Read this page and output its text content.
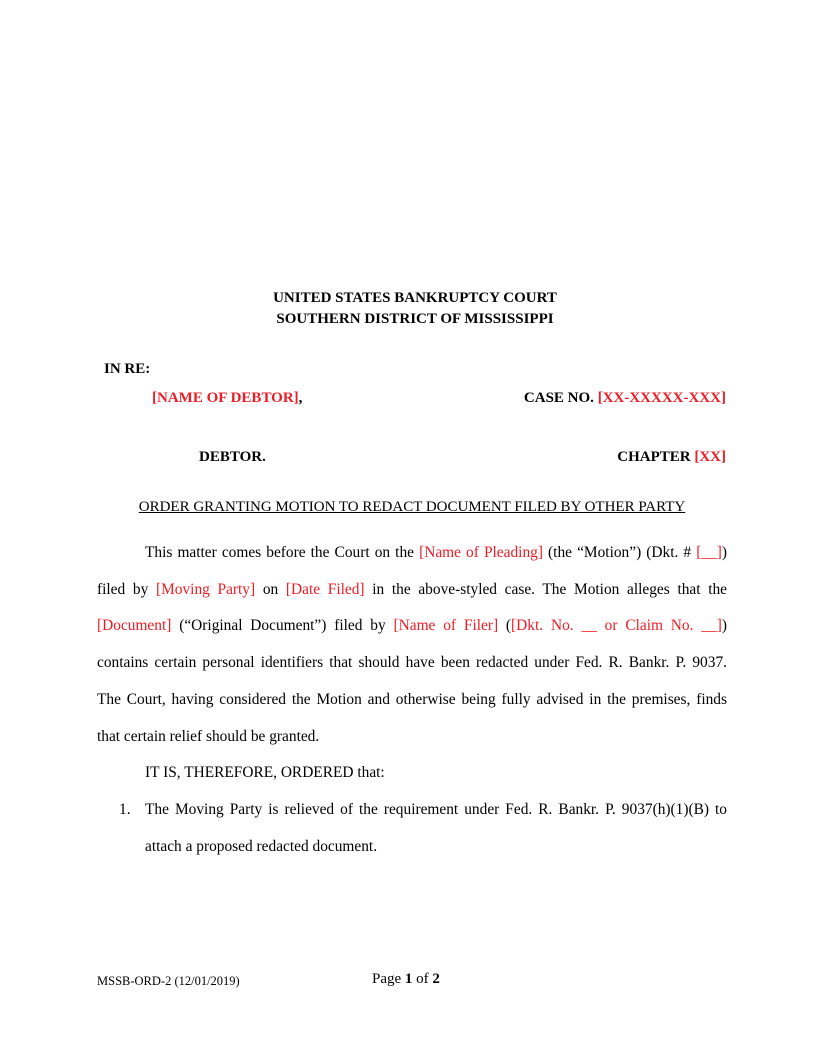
UNITED STATES BANKRUPTCY COURT
SOUTHERN DISTRICT OF MISSISSIPPI
IN RE:
[NAME OF DEBTOR],	CASE NO. [XX-XXXXX-XXX]
DEBTOR.	CHAPTER [XX]
ORDER GRANTING MOTION TO REDACT DOCUMENT FILED BY OTHER PARTY
This matter comes before the Court on the [Name of Pleading] (the “Motion”) (Dkt. # [__])
filed by [Moving Party] on [Date Filed] in the above-styled case. The Motion alleges that the
[Document] (“Original Document”) filed by [Name of Filer] ([Dkt. No. __ or Claim No. __])
contains certain personal identifiers that should have been redacted under Fed. R. Bankr. P. 9037.
The Court, having considered the Motion and otherwise being fully advised in the premises, finds
that certain relief should be granted.
IT IS, THEREFORE, ORDERED that:
1. The Moving Party is relieved of the requirement under Fed. R. Bankr. P. 9037(h)(1)(B) to
attach a proposed redacted document.
MSSB-ORD-2 (12/01/2019)	Page 1 of 2
